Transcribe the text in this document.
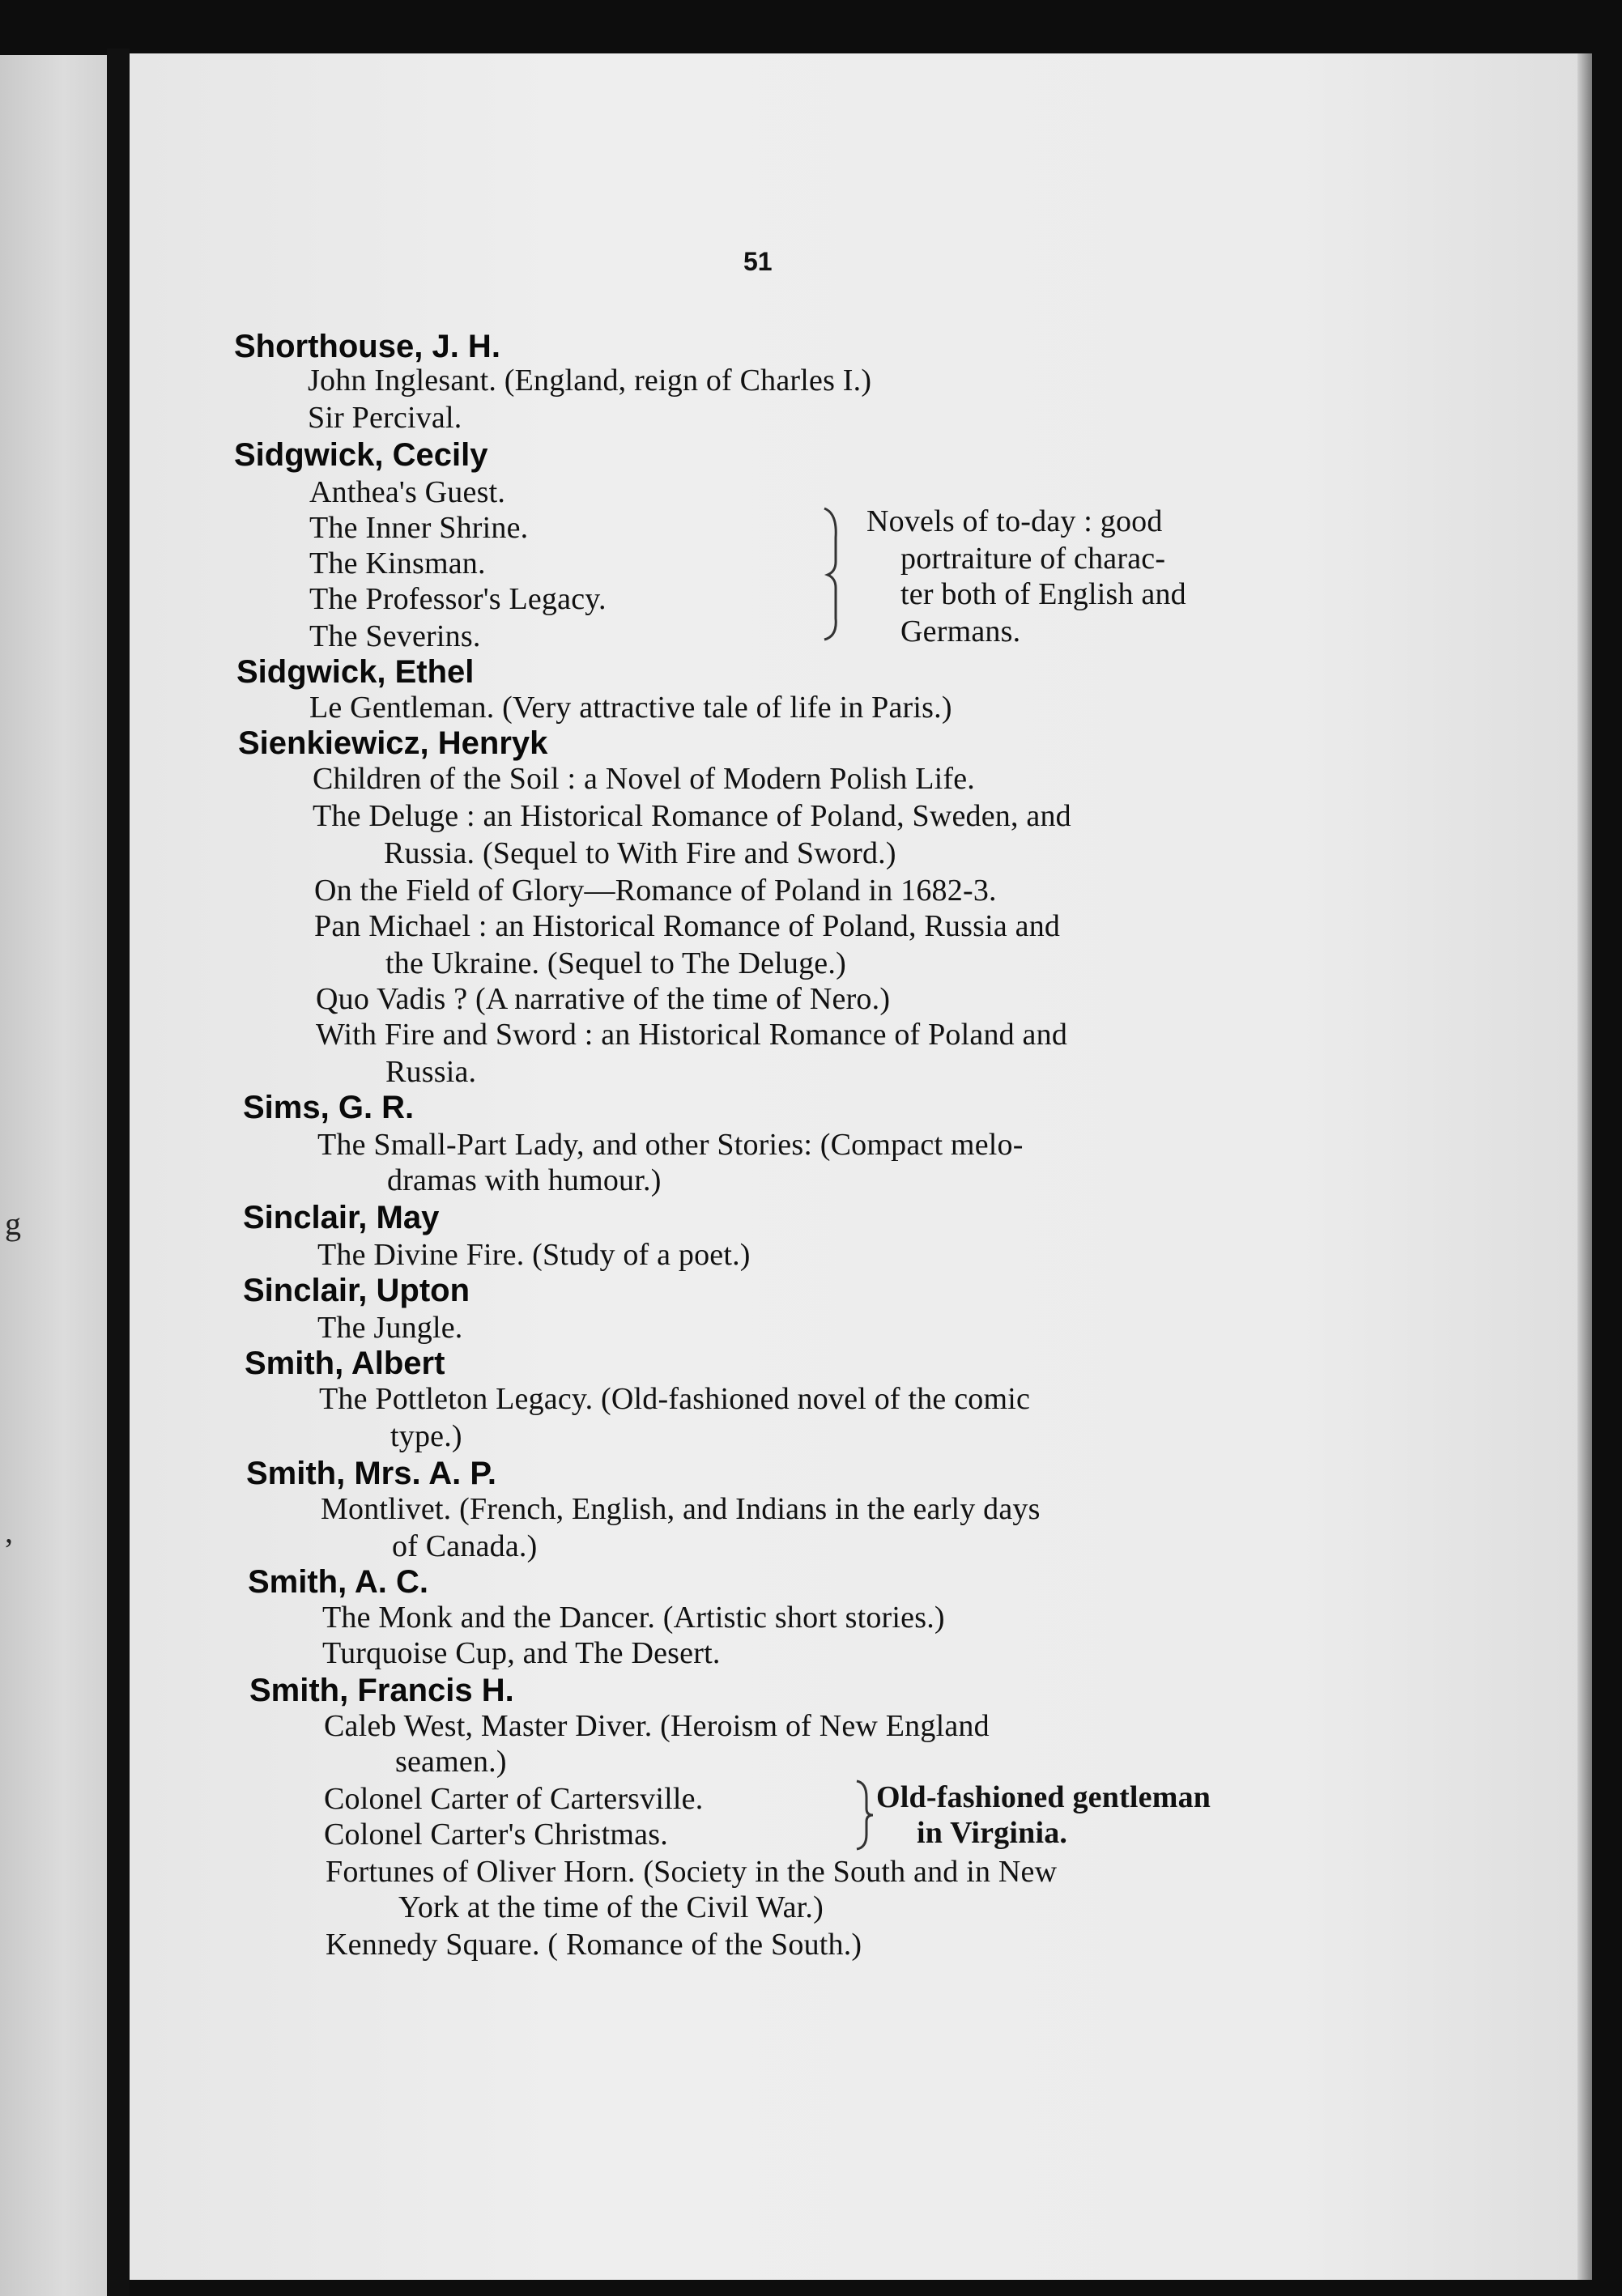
g
,
51
Shorthouse, J. H.
John Inglesant. (England, reign of Charles I.)
Sir Percival.
Sidgwick, Cecily
Anthea's Guest.
The Inner Shrine.
The Kinsman.
The Professor's Legacy.
The Severins.
Novels of to-day : good
portraiture of charac-
ter both of English and
Germans.
Sidgwick, Ethel
Le Gentleman. (Very attractive tale of life in Paris.)
Sienkiewicz, Henryk
Children of the Soil : a Novel of Modern Polish Life.
The Deluge : an Historical Romance of Poland, Sweden, and
Russia. (Sequel to With Fire and Sword.)
On the Field of Glory—Romance of Poland in 1682-3.
Pan Michael : an Historical Romance of Poland, Russia and
the Ukraine. (Sequel to The Deluge.)
Quo Vadis ? (A narrative of the time of Nero.)
With Fire and Sword : an Historical Romance of Poland and
Russia.
Sims, G. R.
The Small-Part Lady, and other Stories: (Compact melo-
dramas with humour.)
Sinclair, May
The Divine Fire. (Study of a poet.)
Sinclair, Upton
The Jungle.
Smith, Albert
The Pottleton Legacy. (Old-fashioned novel of the comic
type.)
Smith, Mrs. A. P.
Montlivet. (French, English, and Indians in the early days
of Canada.)
Smith, A. C.
The Monk and the Dancer. (Artistic short stories.)
Turquoise Cup, and The Desert.
Smith, Francis H.
Caleb West, Master Diver. (Heroism of New England
seamen.)
Colonel Carter of Cartersville.
Colonel Carter's Christmas.
Old-fashioned gentleman
in Virginia.
Fortunes of Oliver Horn. (Society in the South and in New
York at the time of the Civil War.)
Kennedy Square. ( Romance of the South.)
